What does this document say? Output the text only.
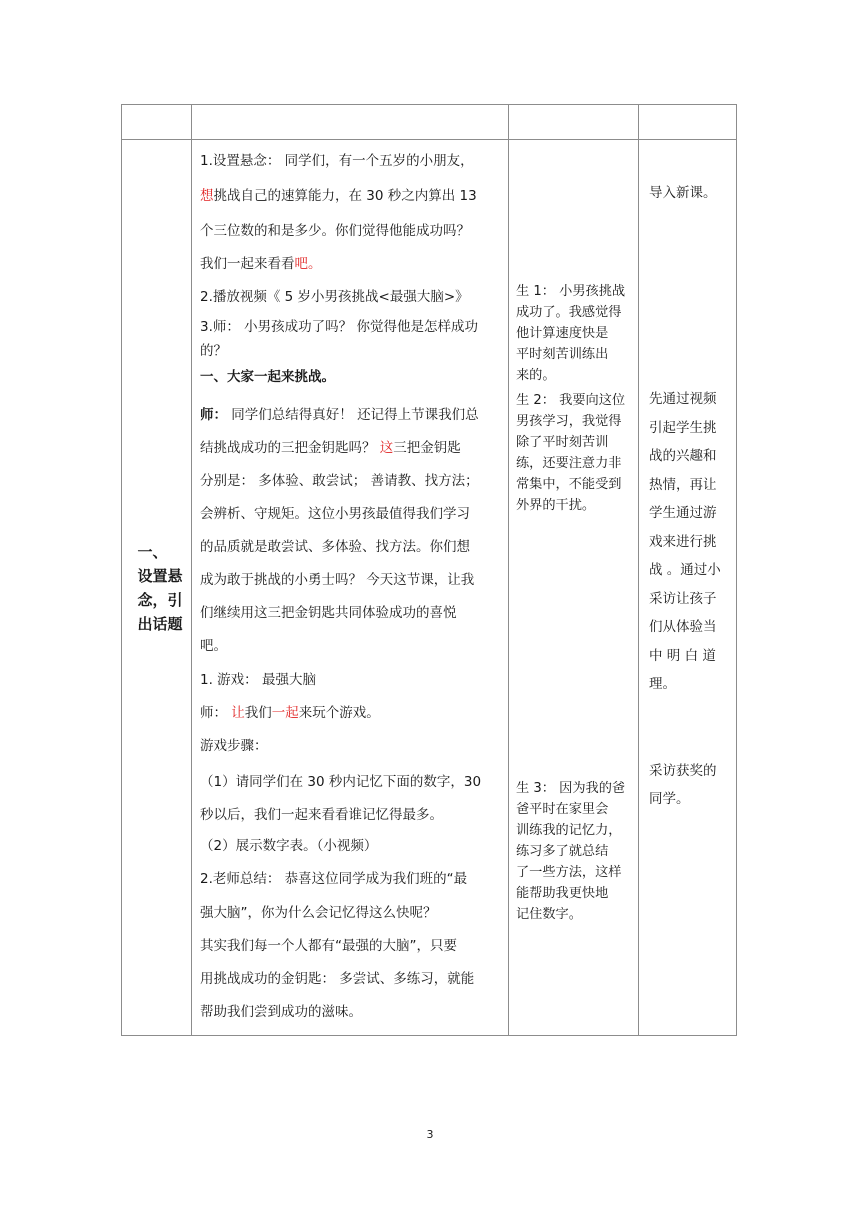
一、
设置悬
念，引
出话题
1.设置悬念： 同学们，有一个五岁的小朋友，
想挑战自己的速算能力，在 30 秒之内算出 13
个三位数的和是多少。你们觉得他能成功吗？
我们一起来看看吧。
2.播放视频《 5 岁小男孩挑战<最强大脑>》
3.师： 小男孩成功了吗？ 你觉得他是怎样成功
的？
一、大家一起来挑战。
师： 同学们总结得真好！ 还记得上节课我们总
结挑战成功的三把金钥匙吗？ 这三把金钥匙
分别是： 多体验、敢尝试； 善请教、找方法；
会辨析、守规矩。这位小男孩最值得我们学习
的品质就是敢尝试、多体验、找方法。你们想
成为敢于挑战的小勇士吗？ 今天这节课，让我
们继续用这三把金钥匙共同体验成功的喜悦
吧。
1. 游戏： 最强大脑
师： 让我们一起来玩个游戏。
游戏步骤：
（1）请同学们在 30 秒内记忆下面的数字，30
秒以后，我们一起来看看谁记忆得最多。
（2）展示数字表。（小视频）
2.老师总结： 恭喜这位同学成为我们班的“最
强大脑”，你为什么会记忆得这么快呢？
其实我们每一个人都有“最强的大脑”，只要
用挑战成功的金钥匙： 多尝试、多练习，就能
帮助我们尝到成功的滋味。
生 1： 小男孩挑战
成功了。我感觉得
他计算速度快是
平时刻苦训练出
来的。
生 2： 我要向这位
男孩学习，我觉得
除了平时刻苦训
练，还要注意力非
常集中，不能受到
外界的干扰。
生 3： 因为我的爸
爸平时在家里会
训练我的记忆力，
练习多了就总结
了一些方法，这样
能帮助我更快地
记住数字。
导入新课。
先通过视频
引起学生挑
战的兴趣和
热情，再让
学生通过游
戏来进行挑
战 。通过小
采访让孩子
们从体验当
中 明 白 道
理。
采访获奖的
同学。
3
